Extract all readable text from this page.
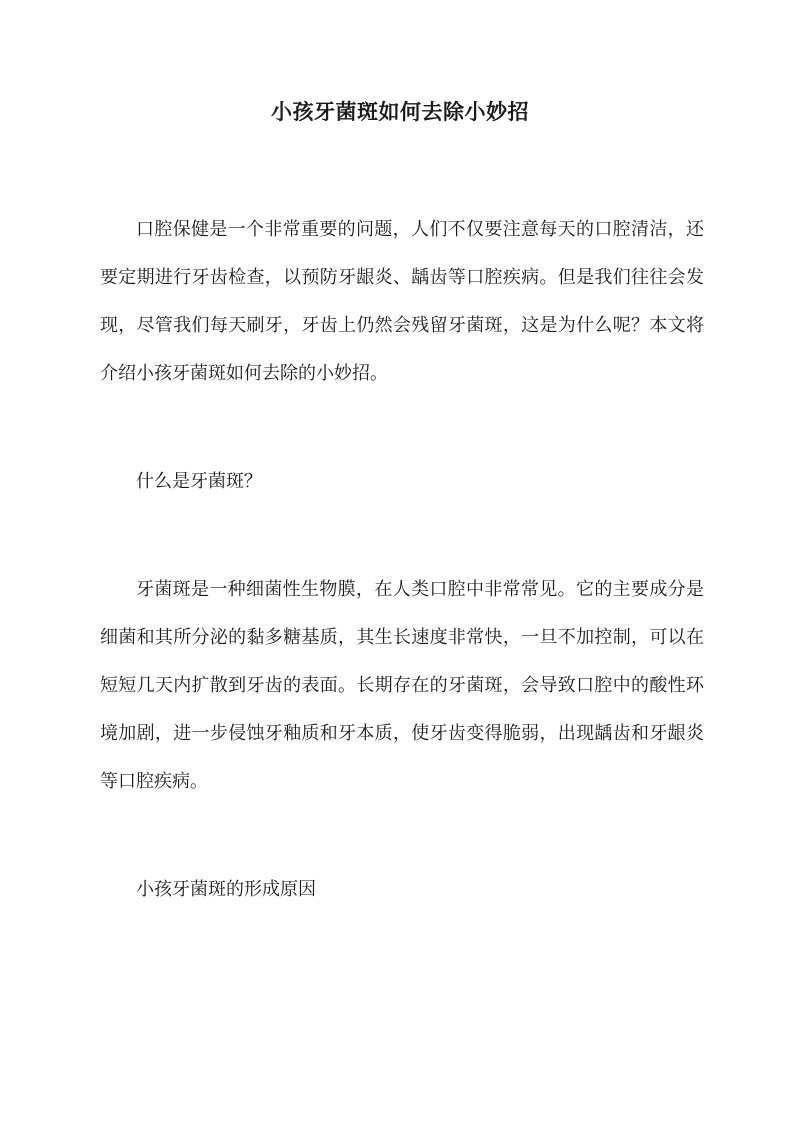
小孩牙菌斑如何去除小妙招

口腔保健是一个非常重要的问题，人们不仅要注意每天的口腔清洁，还要定期进行牙齿检查，以预防牙龈炎、龋齿等口腔疾病。但是我们往往会发现，尽管我们每天刷牙，牙齿上仍然会残留牙菌斑，这是为什么呢？本文将介绍小孩牙菌斑如何去除的小妙招。

什么是牙菌斑？

牙菌斑是一种细菌性生物膜，在人类口腔中非常常见。它的主要成分是细菌和其所分泌的黏多糖基质，其生长速度非常快，一旦不加控制，可以在短短几天内扩散到牙齿的表面。长期存在的牙菌斑，会导致口腔中的酸性环境加剧，进一步侵蚀牙釉质和牙本质，使牙齿变得脆弱，出现龋齿和牙龈炎等口腔疾病。

小孩牙菌斑的形成原因
